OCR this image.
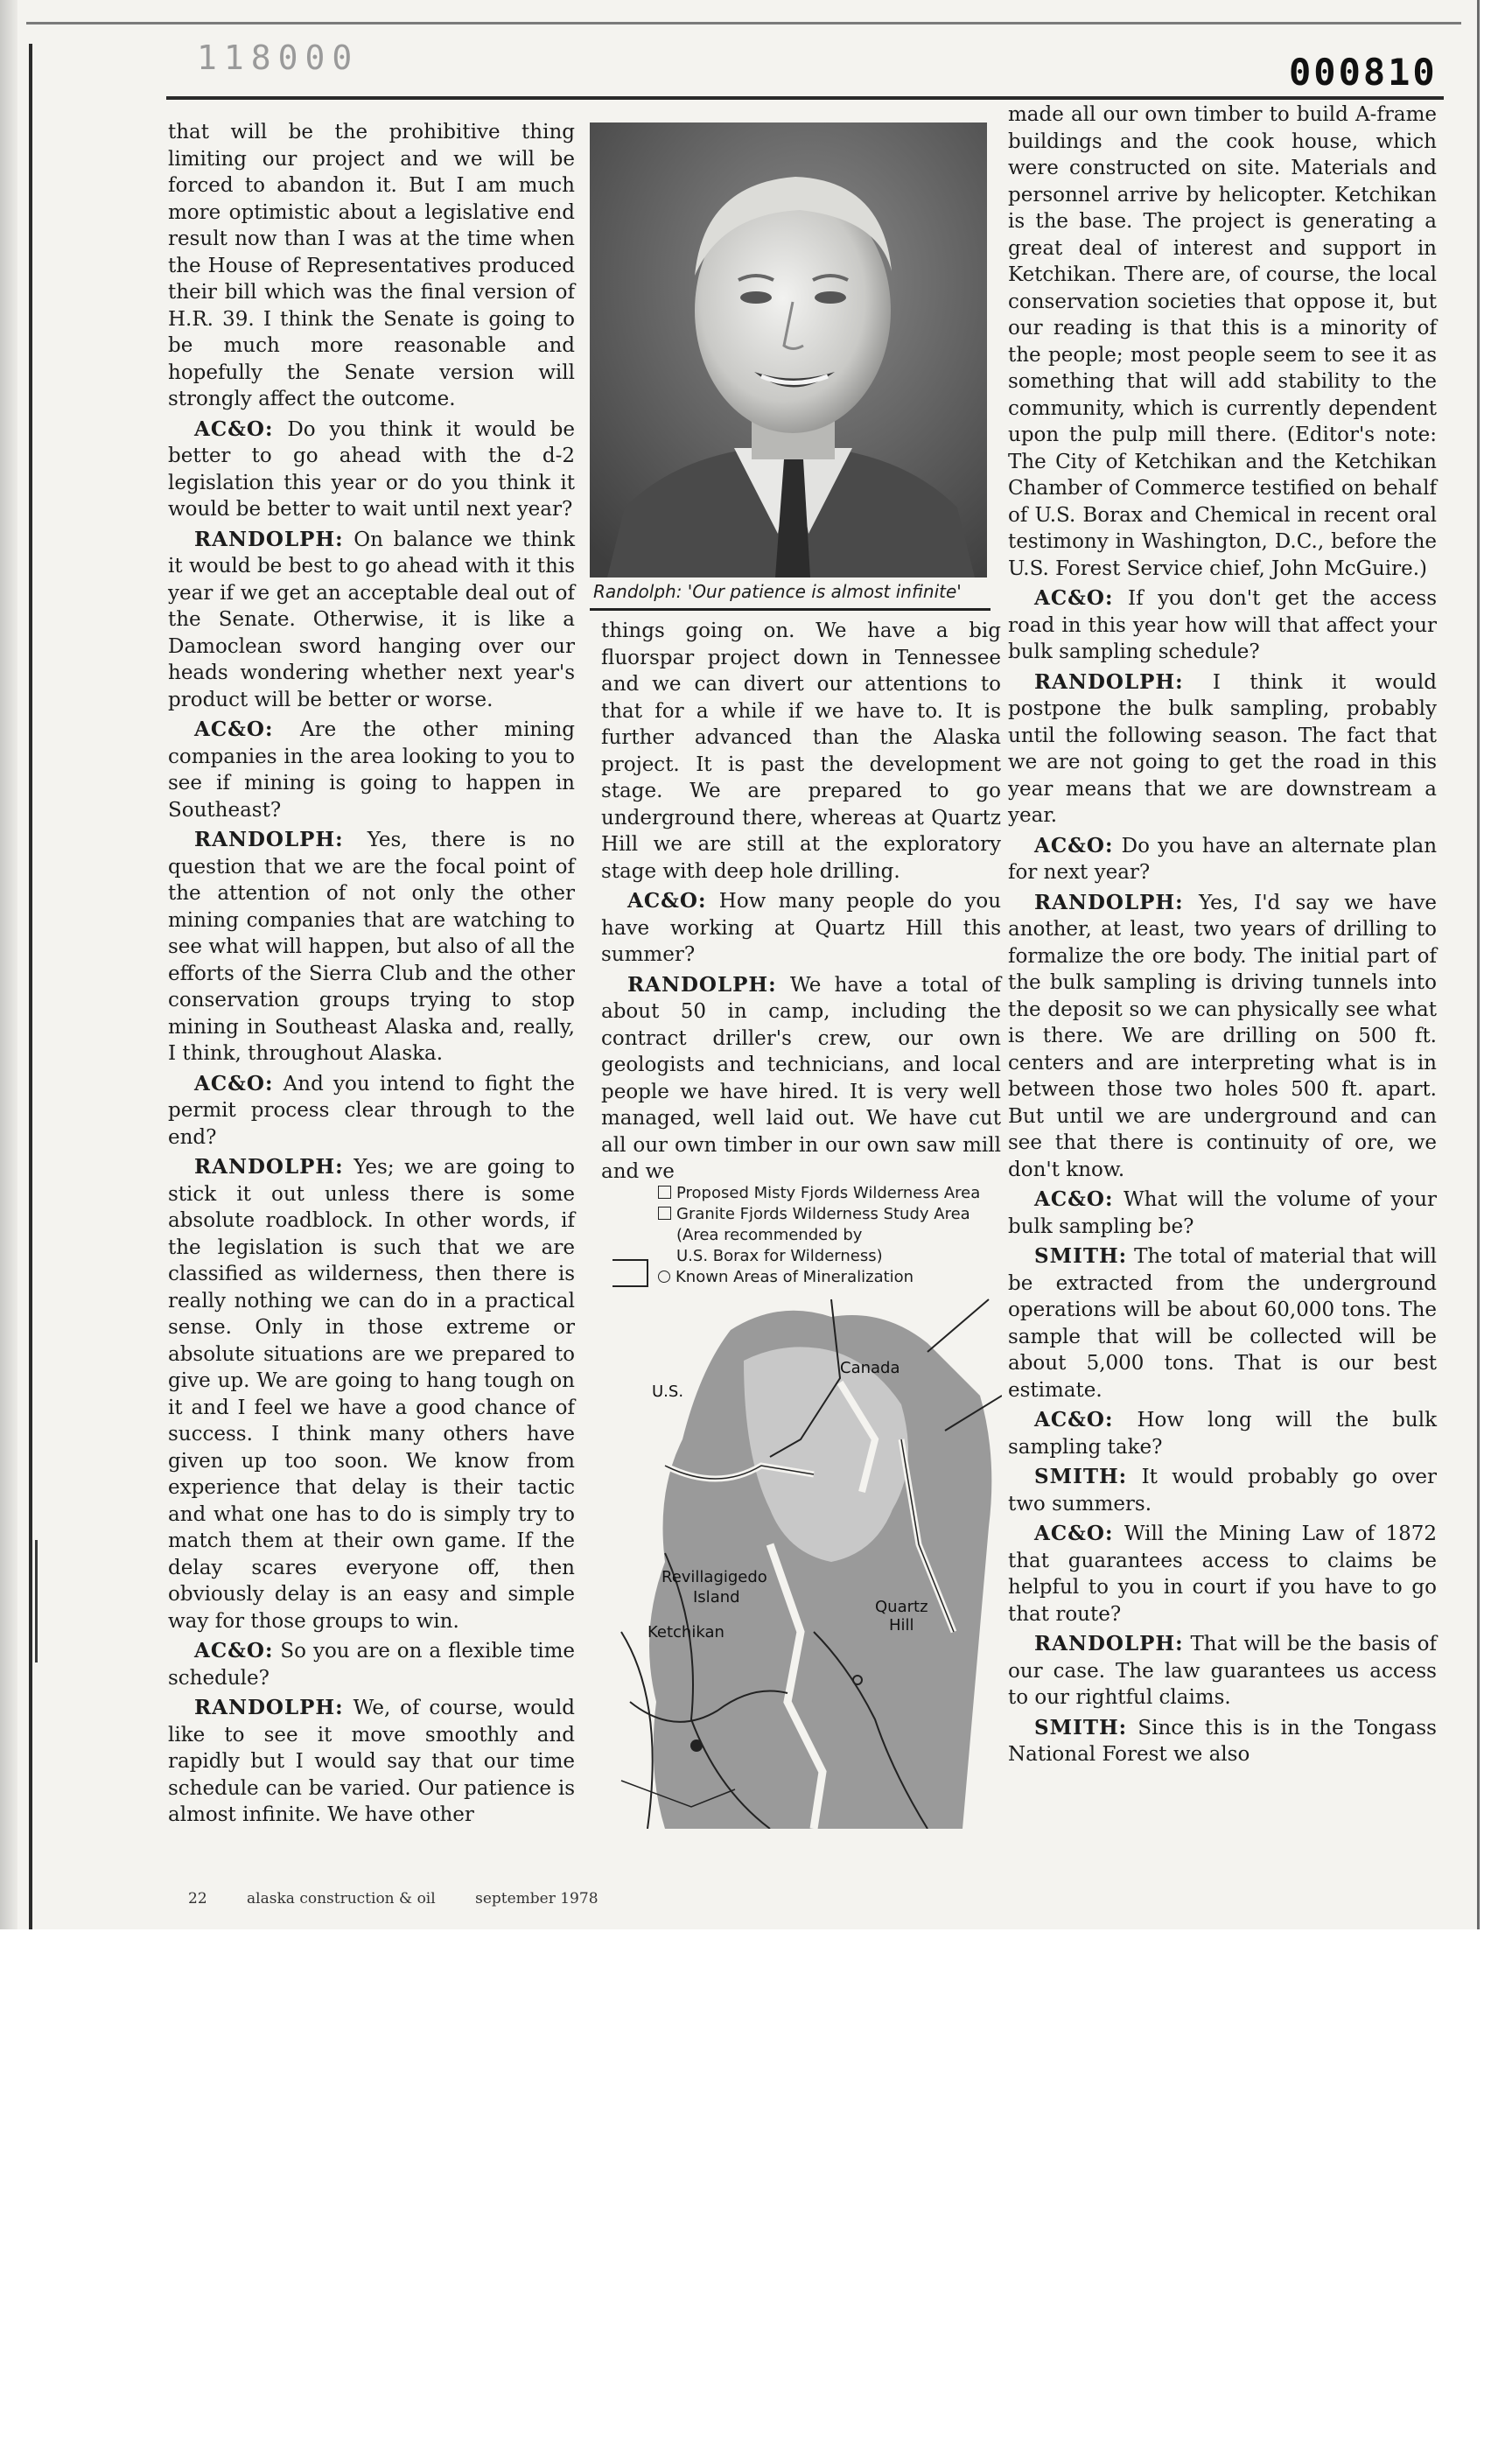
118000	000810

that will be the prohibitive thing limiting our project and we will be forced to abandon it. But I am much more optimistic about a legislative end result now than I was at the time when the House of Representatives produced their bill which was the final version of H.R. 39. I think the Senate is going to be much more reasonable and hopefully the Senate version will strongly affect the outcome.

AC&O: Do you think it would be better to go ahead with the d-2 legislation this year or do you think it would be better to wait until next year?

RANDOLPH: On balance we think it would be best to go ahead with it this year if we get an acceptable deal out of the Senate. Otherwise, it is like a Damoclean sword hanging over our heads wondering whether next year's product will be better or worse.

AC&O: Are the other mining companies in the area looking to you to see if mining is going to happen in Southeast?

RANDOLPH: Yes, there is no question that we are the focal point of the attention of not only the other mining companies that are watching to see what will happen, but also of all the efforts of the Sierra Club and the other conservation groups trying to stop mining in Southeast Alaska and, really, I think, throughout Alaska.

AC&O: And you intend to fight the permit process clear through to the end?

RANDOLPH: Yes; we are going to stick it out unless there is some absolute roadblock. In other words, if the legislation is such that we are classified as wilderness, then there is really nothing we can do in a practical sense. Only in those extreme or absolute situations are we prepared to give up. We are going to hang tough on it and I feel we have a good chance of success. I think many others have given up too soon. We know from experience that delay is their tactic and what one has to do is simply try to match them at their own game. If the delay scares everyone off, then obviously delay is an easy and simple way for those groups to win.

AC&O: So you are on a flexible time schedule?

RANDOLPH: We, of course, would like to see it move smoothly and rapidly but I would say that our time schedule can be varied. Our patience is almost infinite. We have other

Randolph: 'Our patience is almost infinite'

things going on. We have a big fluorspar project down in Tennessee and we can divert our attentions to that for a while if we have to. It is further advanced than the Alaska project. It is past the development stage. We are prepared to go underground there, whereas at Quartz Hill we are still at the exploratory stage with deep hole drilling.

AC&O: How many people do you have working at Quartz Hill this summer?

RANDOLPH: We have a total of about 50 in camp, including the contract driller's crew, our own geologists and technicians, and local people we have hired. It is very well managed, well laid out. We have cut all our own timber in our own saw mill and we

Proposed Misty Fjords Wilderness Area
Granite Fjords Wilderness Study Area
(Area recommended by
U.S. Borax for Wilderness)
Known Areas of Mineralization
Canada
U.S.
Revillagigedo
Island
Ketchikan
Quartz
Hill

made all our own timber to build A-frame buildings and the cook house, which were constructed on site. Materials and personnel arrive by helicopter. Ketchikan is the base. The project is generating a great deal of interest and support in Ketchikan. There are, of course, the local conservation societies that oppose it, but our reading is that this is a minority of the people; most people seem to see it as something that will add stability to the community, which is currently dependent upon the pulp mill there. (Editor's note: The City of Ketchikan and the Ketchikan Chamber of Commerce testified on behalf of U.S. Borax and Chemical in recent oral testimony in Washington, D.C., before the U.S. Forest Service chief, John McGuire.)

AC&O: If you don't get the access road in this year how will that affect your bulk sampling schedule?

RANDOLPH: I think it would postpone the bulk sampling, probably until the following season. The fact that we are not going to get the road in this year means that we are downstream a year.

AC&O: Do you have an alternate plan for next year?

RANDOLPH: Yes, I'd say we have another, at least, two years of drilling to formalize the ore body. The initial part of the bulk sampling is driving tunnels into the deposit so we can physically see what is there. We are drilling on 500 ft. centers and are interpreting what is in between those two holes 500 ft. apart. But until we are underground and can see that there is continuity of ore, we don't know.

AC&O: What will the volume of your bulk sampling be?

SMITH: The total of material that will be extracted from the underground operations will be about 60,000 tons. The sample that will be collected will be about 5,000 tons. That is our best estimate.

AC&O: How long will the bulk sampling take?

SMITH: It would probably go over two summers.

AC&O: Will the Mining Law of 1872 that guarantees access to claims be helpful to you in court if you have to go that route?

RANDOLPH: That will be the basis of our case. The law guarantees us access to our rightful claims.

SMITH: Since this is in the Tongass National Forest we also

22	alaska construction & oil	september 1978
